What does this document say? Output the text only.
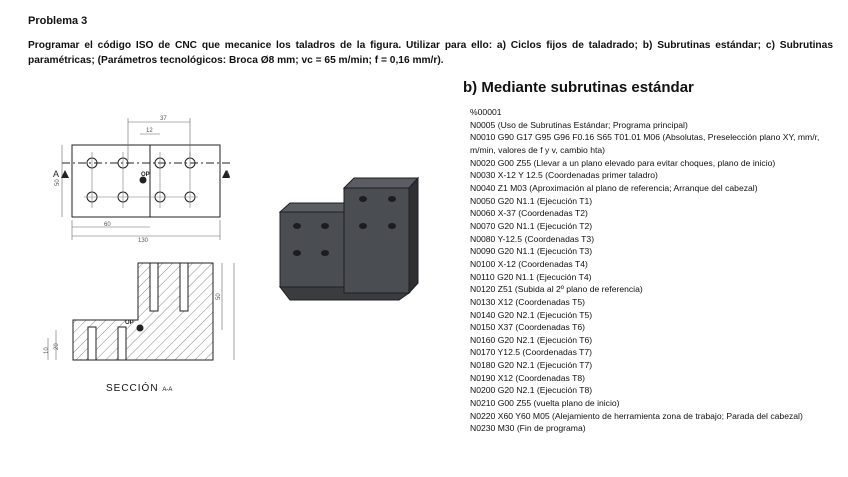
Problema 3
Programar el código ISO de CNC que mecanice los taladros de la figura. Utilizar para ello: a) Ciclos fijos de taladrado; b) Subrutinas estándar; c) Subrutinas paramétricas; (Parámetros tecnológicos: Broca Ø8 mm; vc = 65 m/min; f = 0,16 mm/r).
b) Mediante subrutinas estándar
%00001
N0005 (Uso de Subrutinas Estándar; Programa principal)
N0010 G90 G17 G95 G96 F0.16 S65 T01.01 M06 (Absolutas, Preselección plano XY, mm/r, m/min, valores de f y v, cambio hta)
N0020 G00 Z55 (Llevar a un plano elevado para evitar choques, plano de inicio)
N0030 X-12 Y 12.5 (Coordenadas primer taladro)
N0040 Z1 M03 (Aproximación al plano de referencia; Arranque del cabezal)
N0050 G20 N1.1 (Ejecución T1)
N0060 X-37 (Coordenadas T2)
N0070 G20 N1.1 (Ejecución T2)
N0080 Y-12.5 (Coordenadas T3)
N0090 G20 N1.1 (Ejecución T3)
N0100 X-12 (Coordenadas T4)
N0110 G20 N1.1 (Ejecución T4)
N0120 Z51 (Subida al 2º plano de referencia)
N0130 X12 (Coordenadas T5)
N0140 G20 N2.1 (Ejecución T5)
N0150 X37 (Coordenadas T6)
N0160 G20 N2.1 (Ejecución T6)
N0170 Y12.5 (Coordenadas T7)
N0180 G20 N2.1 (Ejecución T7)
N0190 X12 (Coordenadas T8)
N0200 G20 N2.1 (Ejecución T8)
N0210 G00 Z55 (vuelta plano de inicio)
N0220 X60 Y60 M05 (Alejamiento de herramienta zona de trabajo; Parada del cabezal)
N0230 M30 (Fin de programa)
37
12
50
60
130
A	A
OP
OP
50
20
10
SECCIÓN A-A
